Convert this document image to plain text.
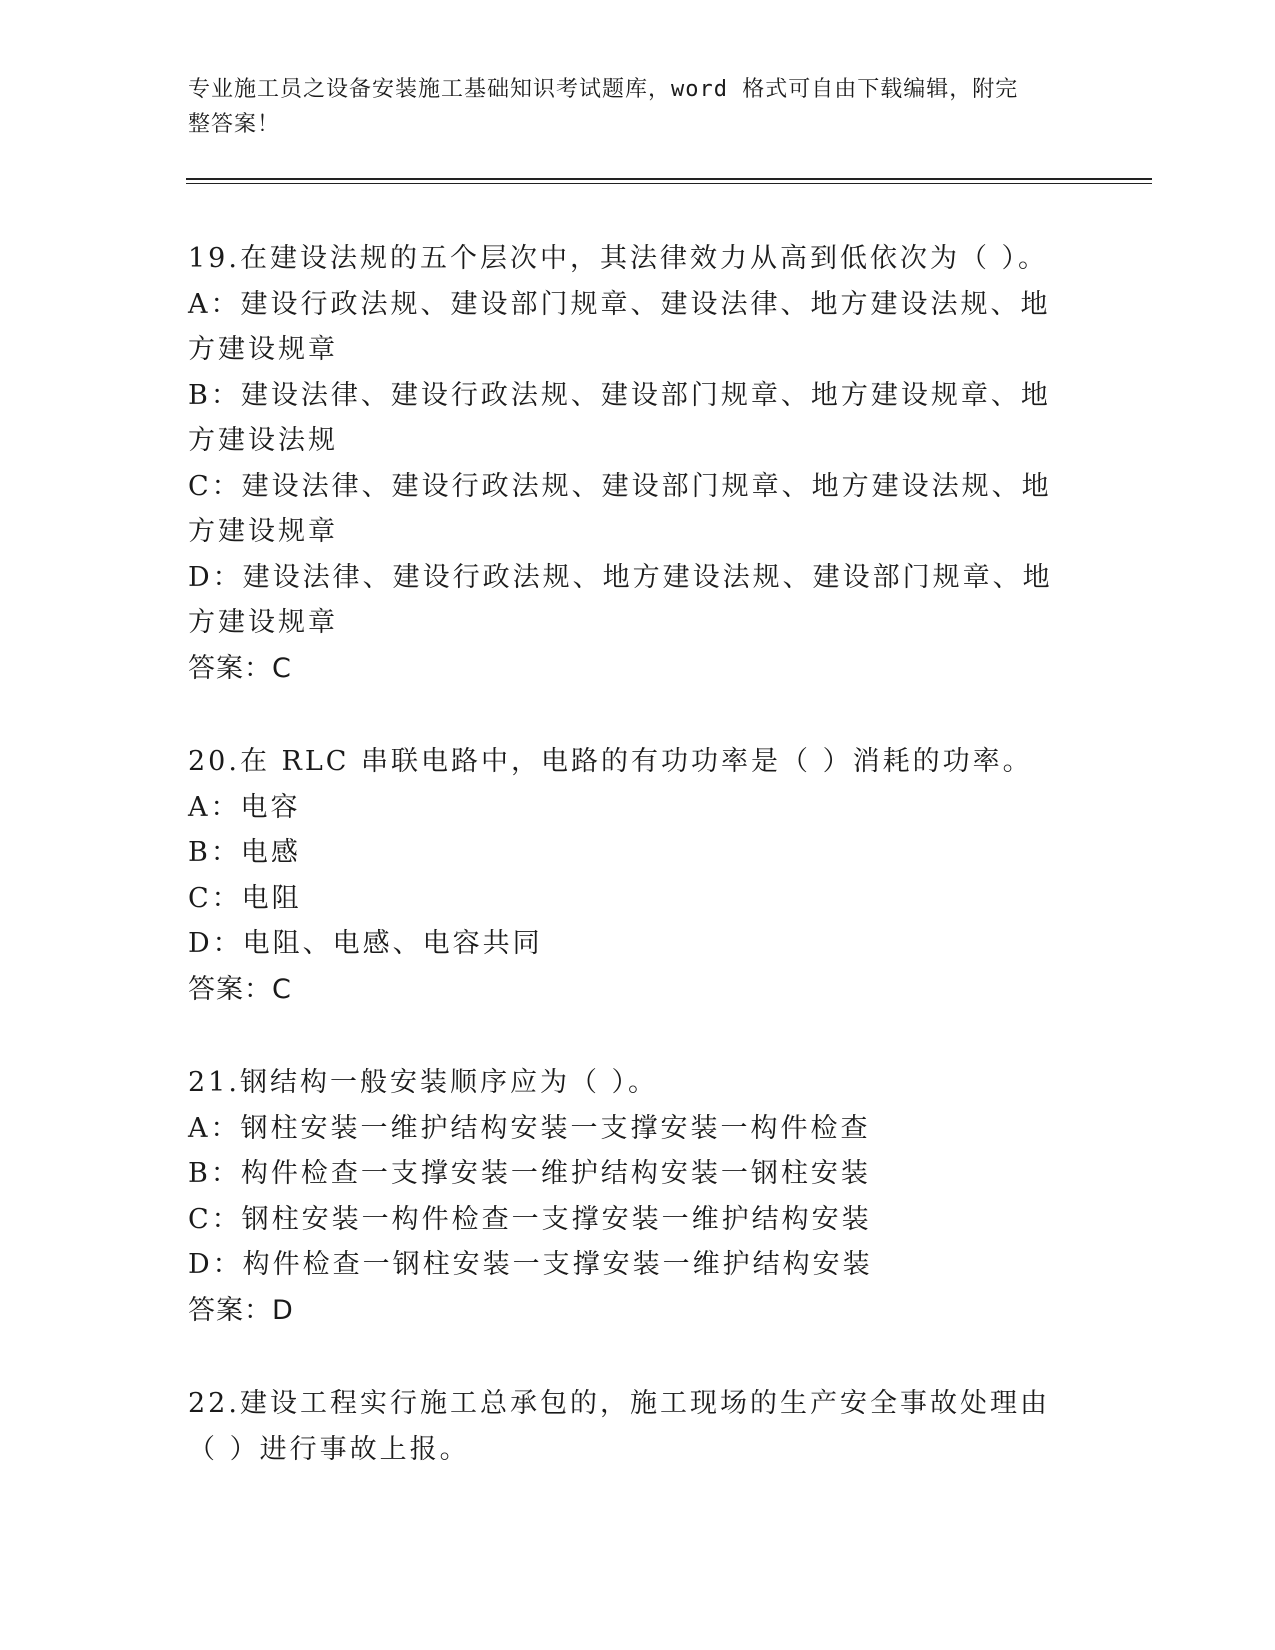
专业施工员之设备安装施工基础知识考试题库，word 格式可自由下载编辑，附完
整答案！
19.在建设法规的五个层次中，其法律效力从高到低依次为（ ）。
A：建设行政法规、建设部门规章、建设法律、地方建设法规、地方建设规章
B：建设法律、建设行政法规、建设部门规章、地方建设规章、地方建设法规
C：建设法律、建设行政法规、建设部门规章、地方建设法规、地方建设规章
D：建设法律、建设行政法规、地方建设法规、建设部门规章、地方建设规章
答案：C
20.在 RLC 串联电路中，电路的有功功率是（ ）消耗的功率。
A：电容
B：电感
C：电阻
D：电阻、电感、电容共同
答案：C
21.钢结构一般安装顺序应为（ ）。
A：钢柱安装一维护结构安装一支撑安装一构件检查
B：构件检查一支撑安装一维护结构安装一钢柱安装
C：钢柱安装一构件检查一支撑安装一维护结构安装
D：构件检查一钢柱安装一支撑安装一维护结构安装
答案：D
22.建设工程实行施工总承包的，施工现场的生产安全事故处理由（ ）进行事故上报。
